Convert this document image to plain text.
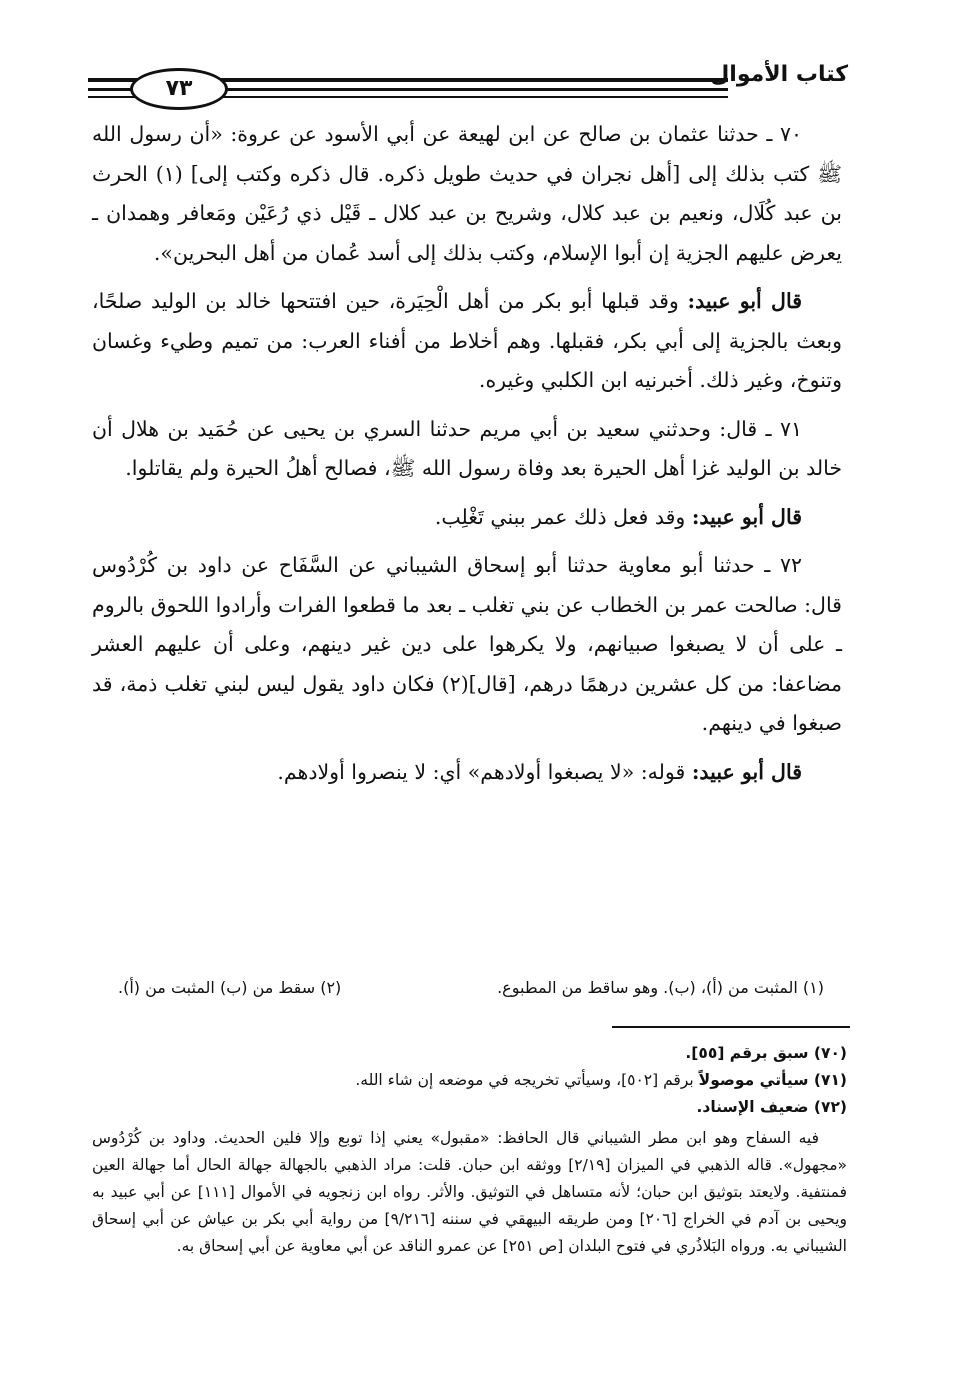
٧٣
كتاب الأموال

٧٠ ـ حدثنا عثمان بن صالح عن ابن لهيعة عن أبي الأسود عن عروة: «أن رسول الله ﷺ كتب بذلك إلى [أهل نجران في حديث طويل ذكره. قال ذكره وكتب إلى] (١) الحرث بن عبد كُلَال، ونعيم بن عبد كلال، وشريح بن عبد كلال ـ قَيْل ذي رُعَيْن ومَعافر وهمدان ـ يعرض عليهم الجزية إن أبوا الإسلام، وكتب بذلك إلى أسد عُمان من أهل البحرين».

قال أبو عبيد: وقد قبلها أبو بكر من أهل الْحِيَرة، حين افتتحها خالد بن الوليد صلحًا، وبعث بالجزية إلى أبي بكر، فقبلها. وهم أخلاط من أفناء العرب: من تميم وطيء وغسان وتنوخ، وغير ذلك. أخبرنيه ابن الكلبي وغيره.

٧١ ـ قال: وحدثني سعيد بن أبي مريم حدثنا السري بن يحيى عن حُمَيد بن هلال أن خالد بن الوليد غزا أهل الحيرة بعد وفاة رسول الله ﷺ، فصالح أهلُ الحيرة ولم يقاتلوا.

قال أبو عبيد: وقد فعل ذلك عمر ببني تَغْلِب.

٧٢ ـ حدثنا أبو معاوية حدثنا أبو إسحاق الشيباني عن السَّفَاح عن داود بن كُرْدُوس قال: صالحت عمر بن الخطاب عن بني تغلب ـ بعد ما قطعوا الفرات وأرادوا اللحوق بالروم ـ على أن لا يصبغوا صبيانهم، ولا يكرهوا على دين غير دينهم، وعلى أن عليهم العشر مضاعفا: من كل عشرين درهمًا درهم، [قال](٢) فكان داود يقول ليس لبني تغلب ذمة، قد صبغوا في دينهم.

قال أبو عبيد: قوله: «لا يصبغوا أولادهم» أي: لا ينصروا أولادهم.

(١) المثبت من (أ)، (ب). وهو ساقط من المطبوع.
(٢) سقط من (ب) المثبت من (أ).

(٧٠) سبق برقم [٥٥].

(٧١) سيأتي موصولاً برقم [٥٠٢]، وسيأتي تخريجه في موضعه إن شاء الله.

(٧٢) ضعيف الإسناد.

فيه السفاح وهو ابن مطر الشيباني قال الحافظ: «مقبول» يعني إذا توبع وإلا فلين الحديث. وداود بن كُرْدُوس «مجهول». قاله الذهبي في الميزان [٢/١٩] ووثقه ابن حبان. قلت: مراد الذهبي بالجهالة جهالة الحال أما جهالة العين فمنتفية. ولايعتد بتوثيق ابن حبان؛ لأنه متساهل في التوثيق. والأثر. رواه ابن زنجويه في الأموال [١١١] عن أبي عبيد به ويحيى بن آدم في الخراج [٢٠٦] ومن طريقه البيهقي في سننه [٩/٢١٦] من رواية أبي بكر بن عياش عن أبي إسحاق الشيباني به. ورواه البَلاذُري في فتوح البلدان [ص ٢٥١] عن عمرو الناقد عن أبي معاوية عن أبي إسحاق به.
